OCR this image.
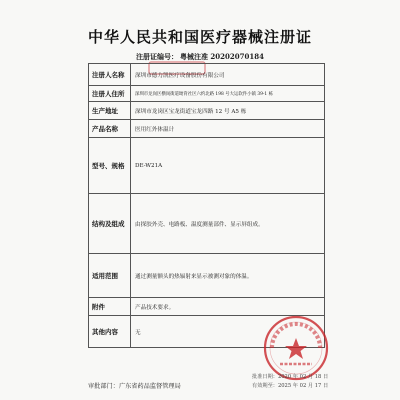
中华人民共和国医疗器械注册证
注册证编号： 粤械注准 20202070184
注册人名称	深圳市德力凯医疗设备股份有限公司
注册人住所	深圳市龙岗区横岗街道坳背社区六约北路 198 号大运软件小镇 39-1 栋
生产地址	深圳市龙岗区宝龙街道宝龙四路 12 号 A5 栋
产品名称	医用红外体温计
型号、规格	DE-W21A
结构及组成	由探胶外壳、电路板、温度测量部件、显示屏组成。
适用范围	通过测量额头的热辐射来显示被测对象的体温。
附件	产品技术要求。
其他内容	无
批准日期：2020 年 02 月 18 日
有效期至：2025 年 02 月 17 日
审批部门：广东省药品监督管理局
